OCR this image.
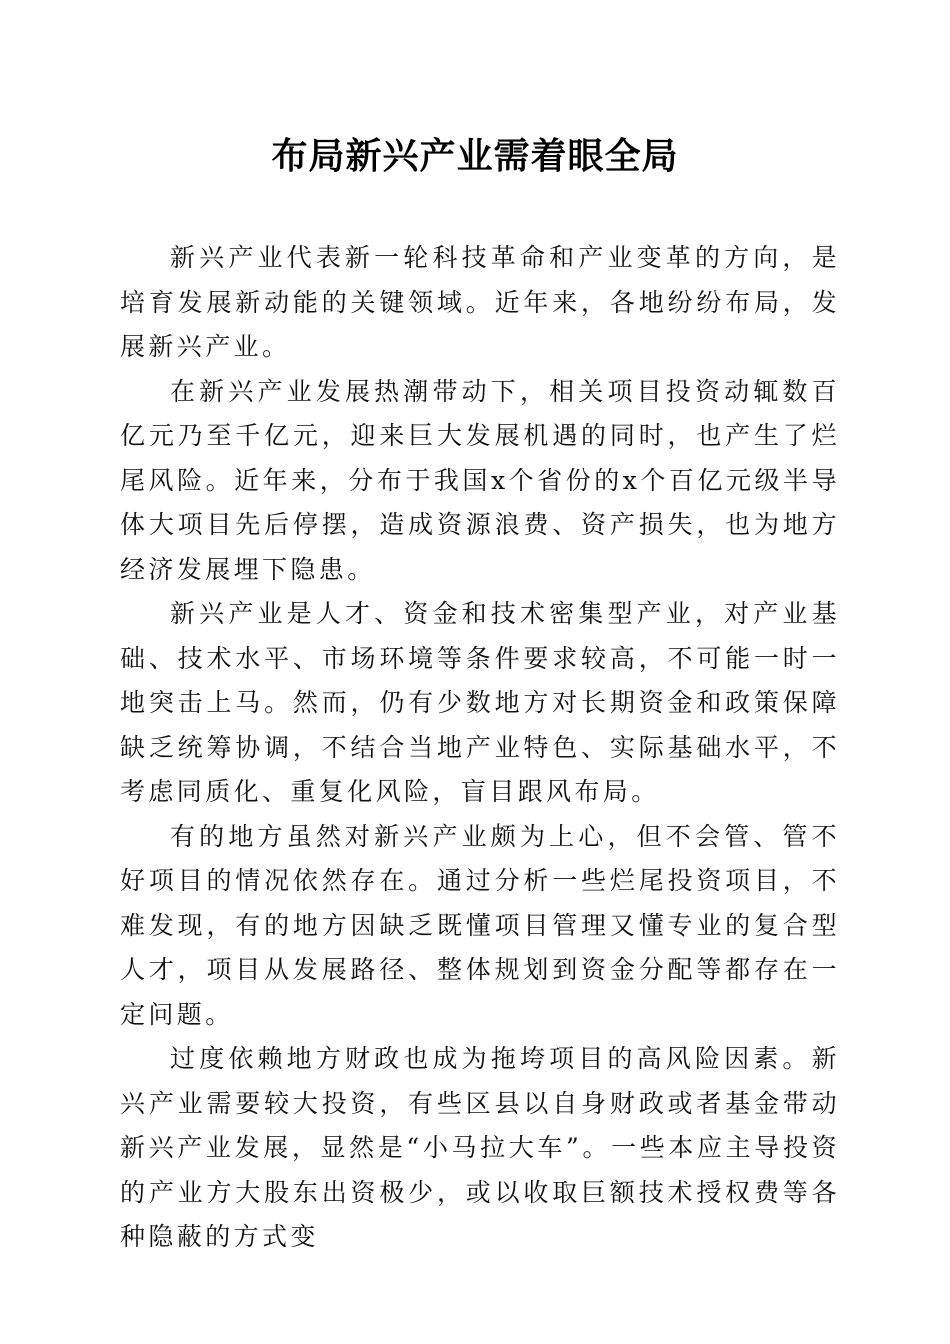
布局新兴产业需着眼全局

新兴产业代表新一轮科技革命和产业变革的方向，是培育发展新动能的关键领域。近年来，各地纷纷布局，发展新兴产业。

在新兴产业发展热潮带动下，相关项目投资动辄数百亿元乃至千亿元，迎来巨大发展机遇的同时，也产生了烂尾风险。近年来，分布于我国x个省份的x个百亿元级半导体大项目先后停摆，造成资源浪费、资产损失，也为地方经济发展埋下隐患。

新兴产业是人才、资金和技术密集型产业，对产业基础、技术水平、市场环境等条件要求较高，不可能一时一地突击上马。然而，仍有少数地方对长期资金和政策保障缺乏统筹协调，不结合当地产业特色、实际基础水平，不考虑同质化、重复化风险，盲目跟风布局。

有的地方虽然对新兴产业颇为上心，但不会管、管不好项目的情况依然存在。通过分析一些烂尾投资项目，不难发现，有的地方因缺乏既懂项目管理又懂专业的复合型人才，项目从发展路径、整体规划到资金分配等都存在一定问题。

过度依赖地方财政也成为拖垮项目的高风险因素。新兴产业需要较大投资，有些区县以自身财政或者基金带动新兴产业发展，显然是“小马拉大车”。一些本应主导投资的产业方大股东出资极少，或以收取巨额技术授权费等各种隐蔽的方式变
